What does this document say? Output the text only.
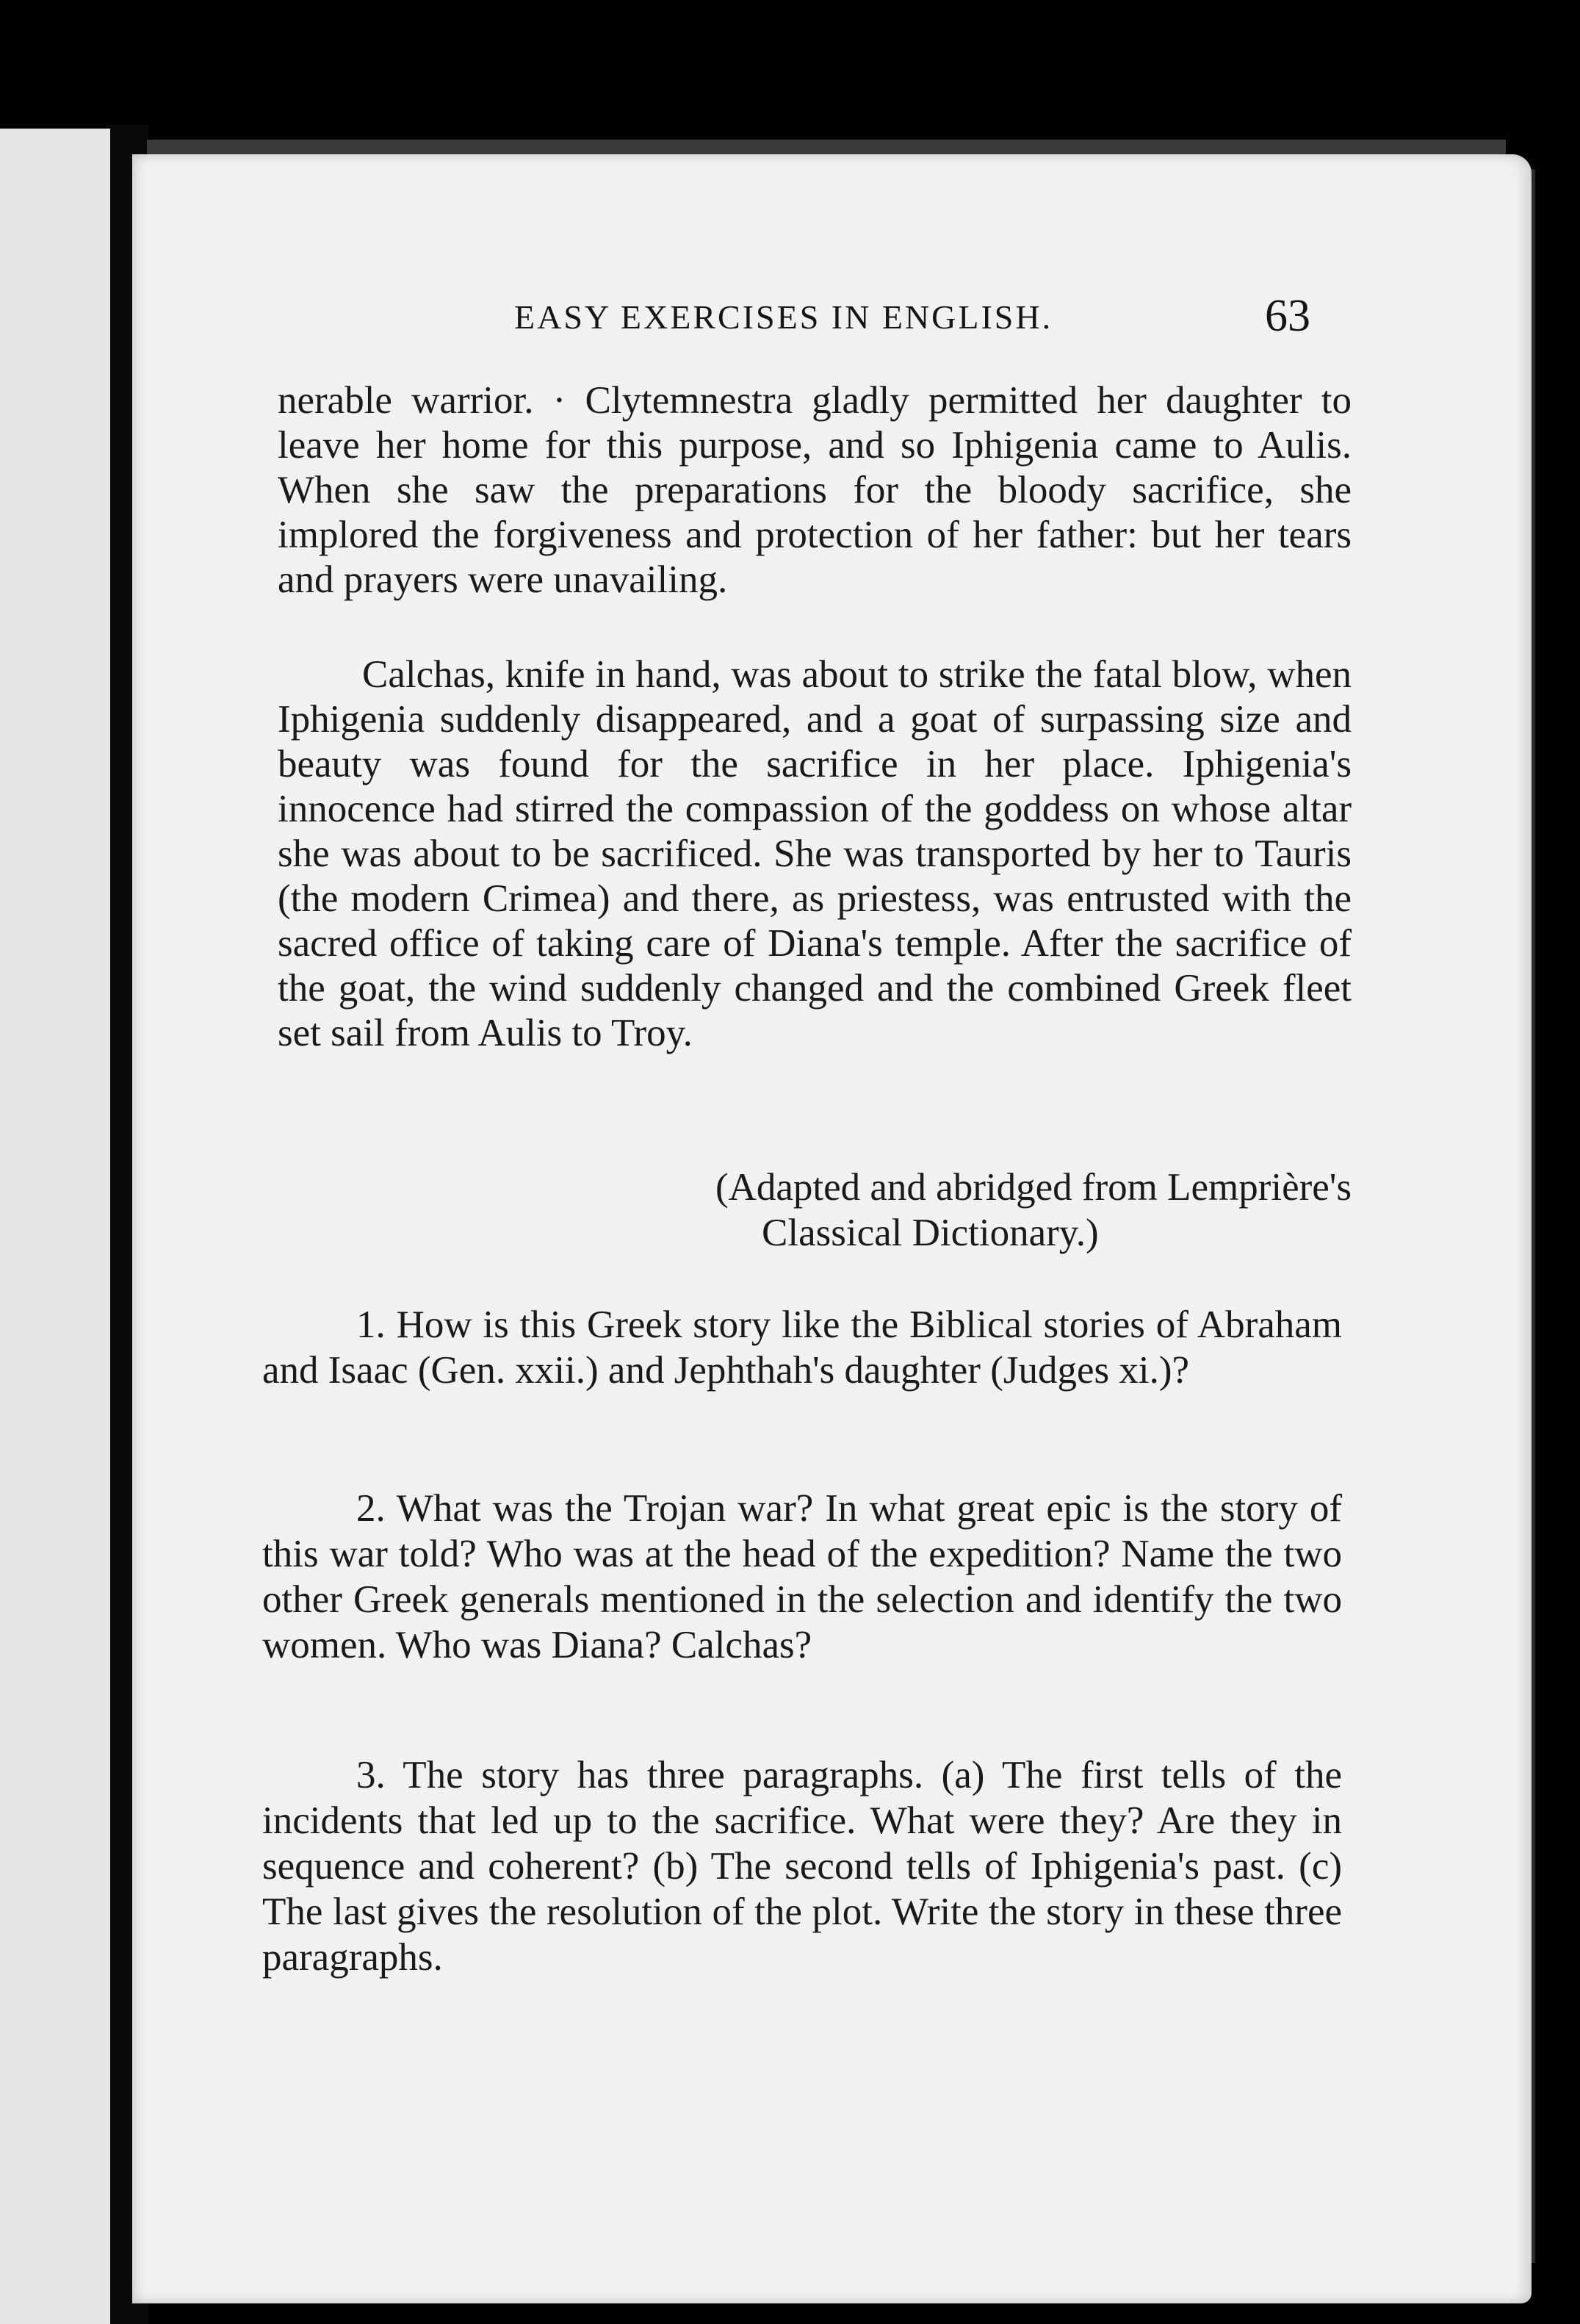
EASY EXERCISES IN ENGLISH.	63

nerable warrior. · Clytemnestra gladly permitted her daughter to leave her home for this purpose, and so Iphigenia came to Aulis. When she saw the preparations for the bloody sacrifice, she implored the forgiveness and protection of her father: but her tears and prayers were unavailing.

Calchas, knife in hand, was about to strike the fatal blow, when Iphigenia suddenly disappeared, and a goat of surpassing size and beauty was found for the sacrifice in her place. Iphigenia's innocence had stirred the compassion of the goddess on whose altar she was about to be sacrificed. She was transported by her to Tauris (the modern Crimea) and there, as priestess, was entrusted with the sacred office of taking care of Diana's temple. After the sacrifice of the goat, the wind suddenly changed and the combined Greek fleet set sail from Aulis to Troy.

(Adapted and abridged from Lemprière's
Classical Dictionary.)

1. How is this Greek story like the Biblical stories of Abraham and Isaac (Gen. xxii.) and Jephthah's daughter (Judges xi.)?

2. What was the Trojan war? In what great epic is the story of this war told? Who was at the head of the expedition? Name the two other Greek generals mentioned in the selection and identify the two women. Who was Diana? Calchas?

3. The story has three paragraphs. (a) The first tells of the incidents that led up to the sacrifice. What were they? Are they in sequence and coherent? (b) The second tells of Iphigenia's past. (c) The last gives the resolution of the plot. Write the story in these three paragraphs.
